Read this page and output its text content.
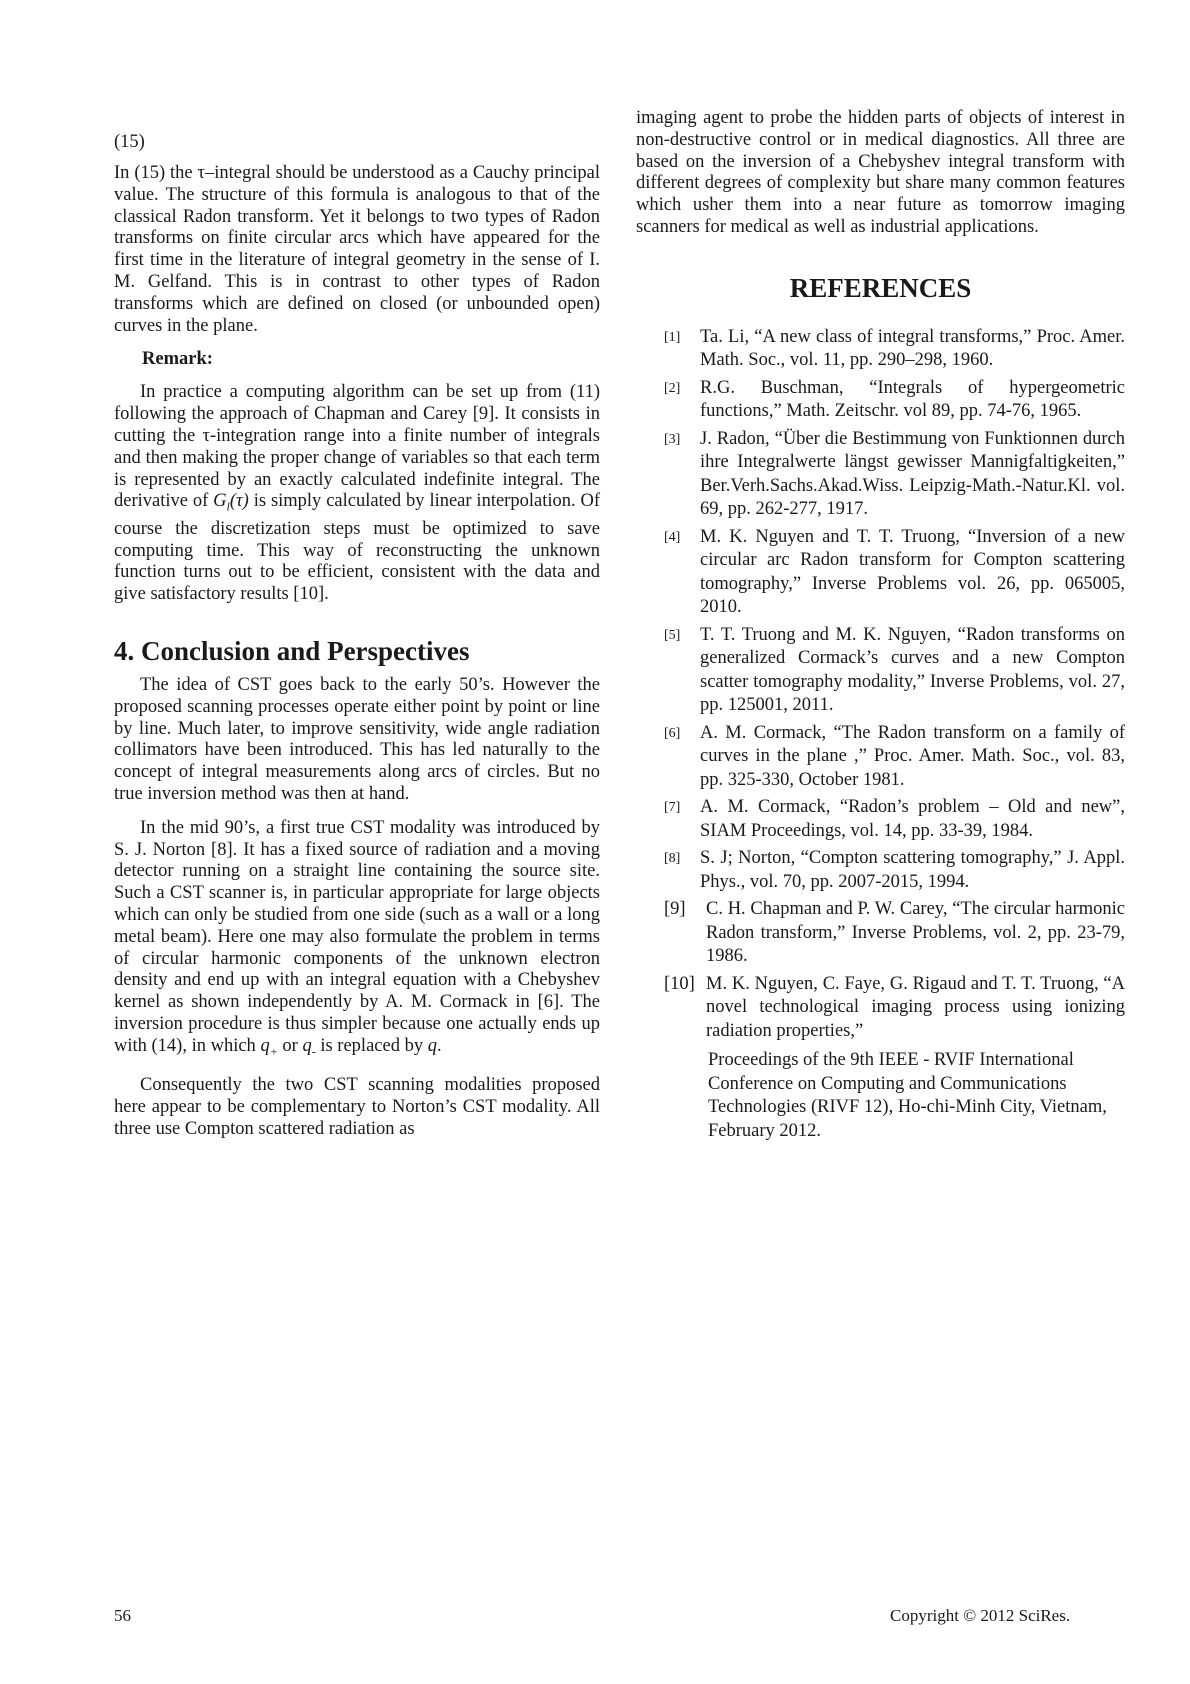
(15)

In (15) the τ–integral should be understood as a Cauchy principal value. The structure of this formula is analogous to that of the classical Radon transform. Yet it belongs to two types of Radon transforms on finite circular arcs which have appeared for the first time in the literature of integral geometry in the sense of I. M. Gelfand. This is in contrast to other types of Radon transforms which are defined on closed (or unbounded open) curves in the plane.

Remark:

In practice a computing algorithm can be set up from (11) following the approach of Chapman and Carey [9]. It consists in cutting the τ-integration range into a finite number of integrals and then making the proper change of variables so that each term is represented by an exactly calculated indefinite integral. The derivative of $G_l(\tau)$ is simply calculated by linear interpolation. Of course the discretization steps must be optimized to save computing time. This way of reconstructing the unknown function turns out to be efficient, consistent with the data and give satisfactory results [10].

4. Conclusion and Perspectives

The idea of CST goes back to the early 50’s. However the proposed scanning processes operate either point by point or line by line. Much later, to improve sensitivity, wide angle radiation collimators have been introduced. This has led naturally to the concept of integral measurements along arcs of circles. But no true inversion method was then at hand.

In the mid 90’s, a first true CST modality was introduced by S. J. Norton [8]. It has a fixed source of radiation and a moving detector running on a straight line containing the source site. Such a CST scanner is, in particular appropriate for large objects which can only be studied from one side (such as a wall or a long metal beam). Here one may also formulate the problem in terms of circular harmonic components of the unknown electron density and end up with an integral equation with a Chebyshev kernel as shown independently by A. M. Cormack in [6]. The inversion procedure is thus simpler because one actually ends up with (14), in which $q_+$ or $q_-$ is replaced by q.

Consequently the two CST scanning modalities proposed here appear to be complementary to Norton’s CST modality. All three use Compton scattered radiation as

imaging agent to probe the hidden parts of objects of interest in non-destructive control or in medical diagnostics. All three are based on the inversion of a Chebyshev integral transform with different degrees of complexity but share many common features which usher them into a near future as tomorrow imaging scanners for medical as well as industrial applications.

REFERENCES
[1]	Ta. Li, “A new class of integral transforms,” Proc. Amer. Math. Soc., vol. 11, pp. 290–298, 1960.
[2]	R.G. Buschman, “Integrals of hypergeometric functions,” Math. Zeitschr. vol 89, pp. 74-76, 1965.
[3]	J. Radon, “Über die Bestimmung von Funktionnen durch ihre Integralwerte längst gewisser Mannigfaltigkeiten,” Ber.Verh.Sachs.Akad.Wiss. Leipzig-Math.-Natur.Kl. vol. 69, pp. 262-277, 1917.
[4]	M. K. Nguyen and T. T. Truong, “Inversion of a new circular arc Radon transform for Compton scattering tomography,” Inverse Problems vol. 26, pp. 065005, 2010.
[5]	T. T. Truong and M. K. Nguyen, “Radon transforms on generalized Cormack’s curves and a new Compton scatter tomography modality,” Inverse Problems, vol. 27, pp. 125001, 2011.
[6]	A. M. Cormack, “The Radon transform on a family of curves in the plane ,” Proc. Amer. Math. Soc., vol. 83, pp. 325-330, October 1981.
[7]	A. M. Cormack, “Radon’s problem – Old and new”, SIAM Proceedings, vol. 14, pp. 33-39, 1984.
[8]	S. J; Norton, “Compton scattering tomography,” J. Appl. Phys., vol. 70, pp. 2007-2015, 1994.
[9]	C. H. Chapman and P. W. Carey, “The circular harmonic Radon transform,” Inverse Problems, vol. 2, pp. 23-79, 1986.
[10] M. K. Nguyen, C. Faye, G. Rigaud and T. T. Truong, “A novel technological imaging process using ionizing radiation properties,”
Proceedings of the 9th IEEE - RVIF International Conference on Computing and Communications Technologies (RIVF 12), Ho-chi-Minh City, Vietnam, February 2012.
56	Copyright © 2012 SciRes.
